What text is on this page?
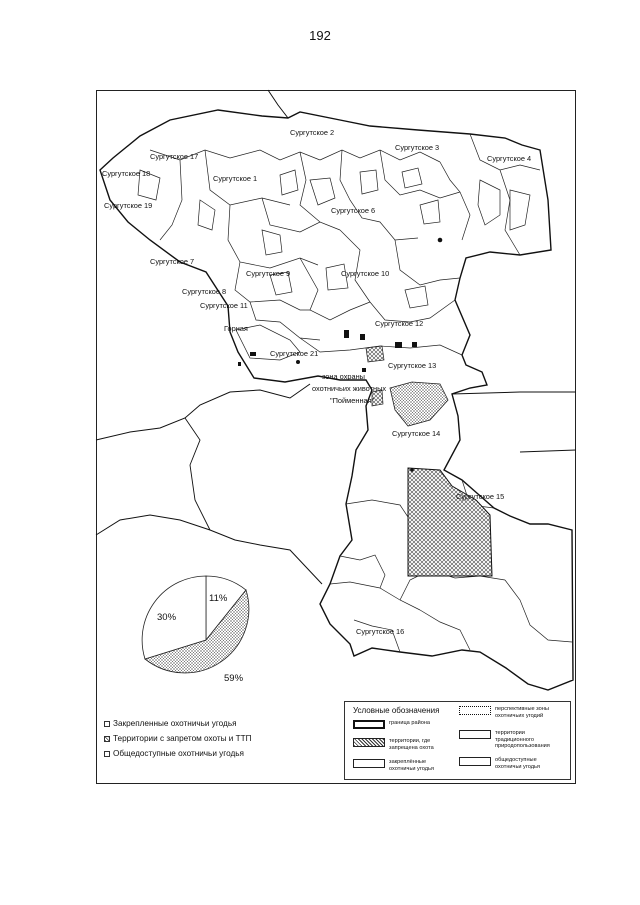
192
Сургутское 2
Сургутское 3
Сургутское 4
Сургутское 17
Сургутское 18
Сургутское 1
Сургутское 19
Сургутское 6
Сургутское 7
Сургутское 9	Сургутское 10
Сургутское 8
Сургутское 11
Сургутское 12
Горная
Сургутское 21
Сургутское 13
зона охраны
охотничьих животных
"Пойменная"
Сургутское 14
Сургутское 15
Сургутское 16
11%
30%
59%
Закрепленные охотничьи угодья
Территории с запретом охоты и ТТП
Общедоступные охотничьи угодья
Условные обозначения
граница района
территории, где запрещена охота
закреплённые охотничьи угодья
перспективные зоны охотничьих угодий
территории традиционного природопользования
общедоступные охотничьи угодья
